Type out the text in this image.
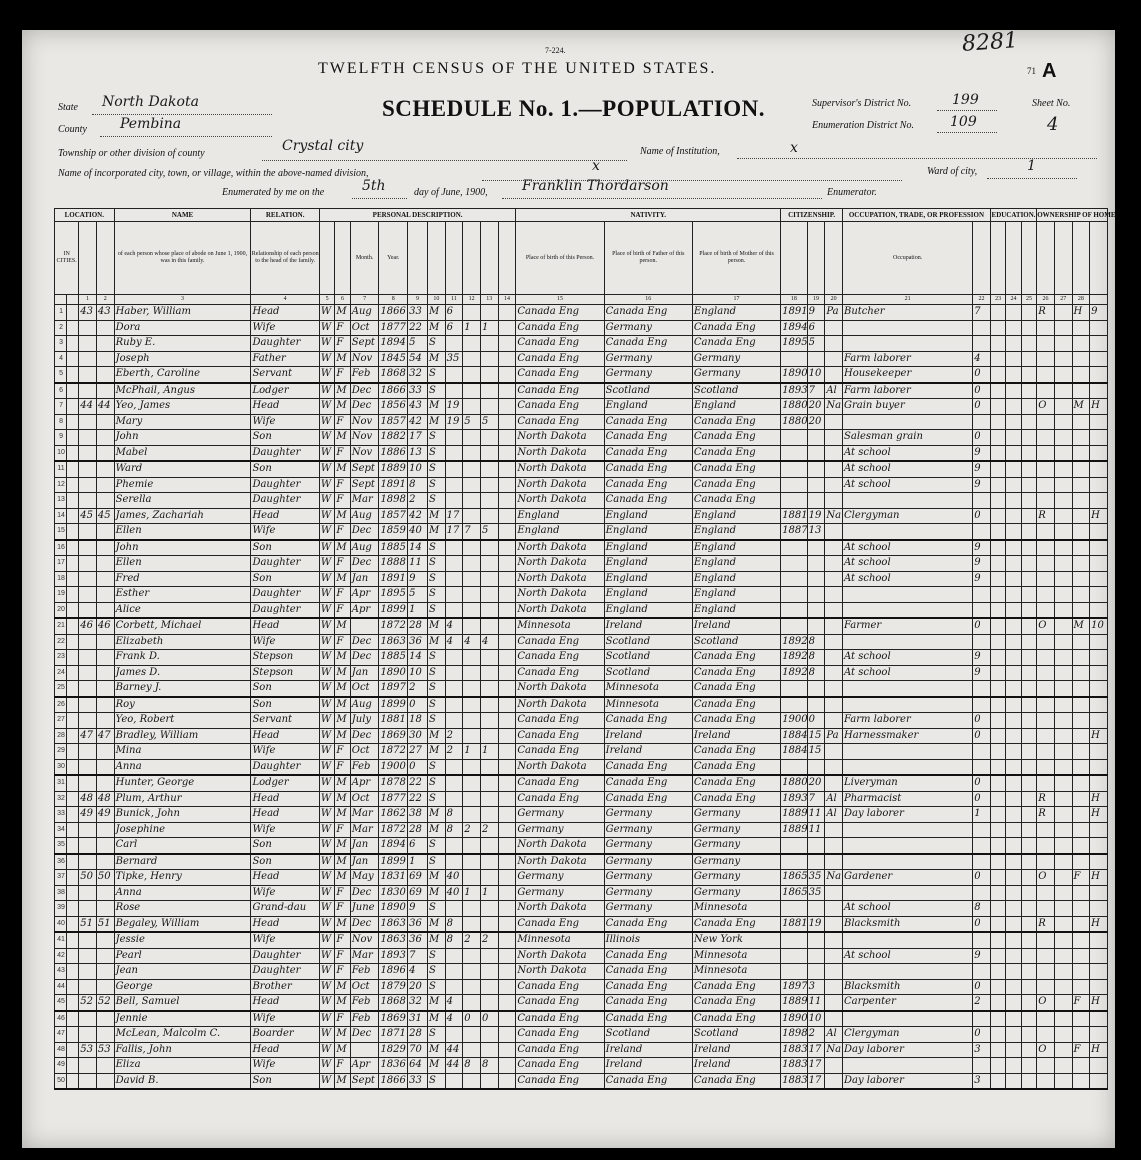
8281
7-224.
71 A
TWELFTH CENSUS OF THE UNITED STATES.
SCHEDULE No. 1.—POPULATION.
State North Dakota
County Pembina
Supervisor's District No.	199
Enumeration District No.	109
Sheet No.
4
Township or other division of county	Crystal city	Name of Institution,	x
Name of incorporated city, town, or village, within the above-named division,	x	Ward of city,	1
Enumerated by me on the	5th	day of June, 1900, Franklin Thordarson	Enumerator.
LOCATION.				NAME	RELATION.	PERSONAL DESCRIPTION.										NATIVITY.			CITIZENSHIP.			OCCUPATION, TRADE, OR PROFESSION		EDUCATION.			OWNERSHIP OF HOME.			
IN CITIES.				of each person whose place of abode on June 1, 1900, was in this family.	Relationship of each person to the head of the family.			Month.	Year.							Place of birth of this Person.	Place of birth of Father of this person.	Place of birth of Mother of this person.				Occupation.								
		1	2	3	4	5	6	7	8	9	10	11	12	13	14	15	16	17	18	19	20	21	22	23	24	25	26	27	28	
1		43	43	Haber, William	Head	W	M	Aug	1866	33	M	6				Canada Eng	Canada Eng	England	1891	9	Pa	Butcher	7				R		H	9
2				Dora	Wife	W	F	Oct	1877	22	M	6	1	1		Canada Eng	Germany	Canada Eng	1894	6										
3				Ruby E.	Daughter	W	F	Sept	1894	5	S					Canada Eng	Canada Eng	Canada Eng	1895	5										
4				Joseph	Father	W	M	Nov	1845	54	M	35				Canada Eng	Germany	Germany				Farm laborer	4							
5				Eberth, Caroline	Servant	W	F	Feb	1868	32	S					Canada Eng	Germany	Germany	1890	10		Housekeeper	0							
6				McPhail, Angus	Lodger	W	M	Dec	1866	33	S					Canada Eng	Scotland	Scotland	1893	7	Al	Farm laborer	0							
7		44	44	Yeo, James	Head	W	M	Dec	1856	43	M	19				Canada Eng	England	England	1880	20	Na	Grain buyer	0				O		M	H
8				Mary	Wife	W	F	Nov	1857	42	M	19	5	5		Canada Eng	Canada Eng	Canada Eng	1880	20										
9				John	Son	W	M	Nov	1882	17	S					North Dakota	Canada Eng	Canada Eng				Salesman grain	0							
10				Mabel	Daughter	W	F	Nov	1886	13	S					North Dakota	Canada Eng	Canada Eng				At school	9							
11				Ward	Son	W	M	Sept	1889	10	S					North Dakota	Canada Eng	Canada Eng				At school	9							
12				Phemie	Daughter	W	F	Sept	1891	8	S					North Dakota	Canada Eng	Canada Eng				At school	9							
13				Serella	Daughter	W	F	Mar	1898	2	S					North Dakota	Canada Eng	Canada Eng												
14		45	45	James, Zachariah	Head	W	M	Aug	1857	42	M	17				England	England	England	1881	19	Na	Clergyman	0				R			H
15				Ellen	Wife	W	F	Dec	1859	40	M	17	7	5		England	England	England	1887	13										
16				John	Son	W	M	Aug	1885	14	S					North Dakota	England	England				At school	9							
17				Ellen	Daughter	W	F	Dec	1888	11	S					North Dakota	England	England				At school	9							
18				Fred	Son	W	M	Jan	1891	9	S					North Dakota	England	England				At school	9							
19				Esther	Daughter	W	F	Apr	1895	5	S					North Dakota	England	England												
20				Alice	Daughter	W	F	Apr	1899	1	S					North Dakota	England	England												
21		46	46	Corbett, Michael	Head	W	M		1872	28	M	4				Minnesota	Ireland	Ireland				Farmer	0				O		M	10
22				Elizabeth	Wife	W	F	Dec	1863	36	M	4	4	4		Canada Eng	Scotland	Scotland	1892	8										
23				Frank D.	Stepson	W	M	Dec	1885	14	S					Canada Eng	Scotland	Canada Eng	1892	8		At school	9							
24				James D.	Stepson	W	M	Jan	1890	10	S					Canada Eng	Scotland	Canada Eng	1892	8		At school	9							
25				Barney J.	Son	W	M	Oct	1897	2	S					North Dakota	Minnesota	Canada Eng												
26				Roy	Son	W	M	Aug	1899	0	S					North Dakota	Minnesota	Canada Eng												
27				Yeo, Robert	Servant	W	M	July	1881	18	S					Canada Eng	Canada Eng	Canada Eng	1900	0		Farm laborer	0							
28		47	47	Bradley, William	Head	W	M	Dec	1869	30	M	2				Canada Eng	Ireland	Ireland	1884	15	Pa	Harnessmaker	0							H
29				Mina	Wife	W	F	Oct	1872	27	M	2	1	1		Canada Eng	Ireland	Canada Eng	1884	15										
30				Anna	Daughter	W	F	Feb	1900	0	S					North Dakota	Canada Eng	Canada Eng												
31				Hunter, George	Lodger	W	M	Apr	1878	22	S					Canada Eng	Canada Eng	Canada Eng	1880	20		Liveryman	0							
32		48	48	Plum, Arthur	Head	W	M	Oct	1877	22	S					Canada Eng	Canada Eng	Canada Eng	1893	7	Al	Pharmacist	0				R			H
33		49	49	Bunick, John	Head	W	M	Mar	1862	38	M	8				Germany	Germany	Germany	1889	11	Al	Day laborer	1				R			H
34				Josephine	Wife	W	F	Mar	1872	28	M	8	2	2		Germany	Germany	Germany	1889	11										
35				Carl	Son	W	M	Jan	1894	6	S					North Dakota	Germany	Germany												
36				Bernard	Son	W	M	Jan	1899	1	S					North Dakota	Germany	Germany												
37		50	50	Tipke, Henry	Head	W	M	May	1831	69	M	40				Germany	Germany	Germany	1865	35	Na	Gardener	0				O		F	H
38				Anna	Wife	W	F	Dec	1830	69	M	40	1	1		Germany	Germany	Germany	1865	35										
39				Rose	Grand-dau	W	F	June	1890	9	S					North Dakota	Germany	Minnesota				At school	8							
40		51	51	Begaley, William	Head	W	M	Dec	1863	36	M	8				Canada Eng	Canada Eng	Canada Eng	1881	19		Blacksmith	0				R			H
41				Jessie	Wife	W	F	Nov	1863	36	M	8	2	2		Minnesota	Illinois	New York												
42				Pearl	Daughter	W	F	Mar	1893	7	S					North Dakota	Canada Eng	Minnesota				At school	9							
43				Jean	Daughter	W	F	Feb	1896	4	S					North Dakota	Canada Eng	Minnesota												
44				George	Brother	W	M	Oct	1879	20	S					Canada Eng	Canada Eng	Canada Eng	1897	3		Blacksmith	0							
45		52	52	Bell, Samuel	Head	W	M	Feb	1868	32	M	4				Canada Eng	Canada Eng	Canada Eng	1889	11		Carpenter	2				O		F	H
46				Jennie	Wife	W	F	Feb	1869	31	M	4	0	0		Canada Eng	Canada Eng	Canada Eng	1890	10										
47				McLean, Malcolm C.	Boarder	W	M	Dec	1871	28	S					Canada Eng	Scotland	Scotland	1898	2	Al	Clergyman	0							
48		53	53	Fallis, John	Head	W	M		1829	70	M	44				Canada Eng	Ireland	Ireland	1883	17	Na	Day laborer	3				O		F	H
49				Eliza	Wife	W	F	Apr	1836	64	M	44	8	8		Canada Eng	Ireland	Ireland	1883	17										
50				David B.	Son	W	M	Sept	1866	33	S					Canada Eng	Canada Eng	Canada Eng	1883	17		Day laborer	3							
